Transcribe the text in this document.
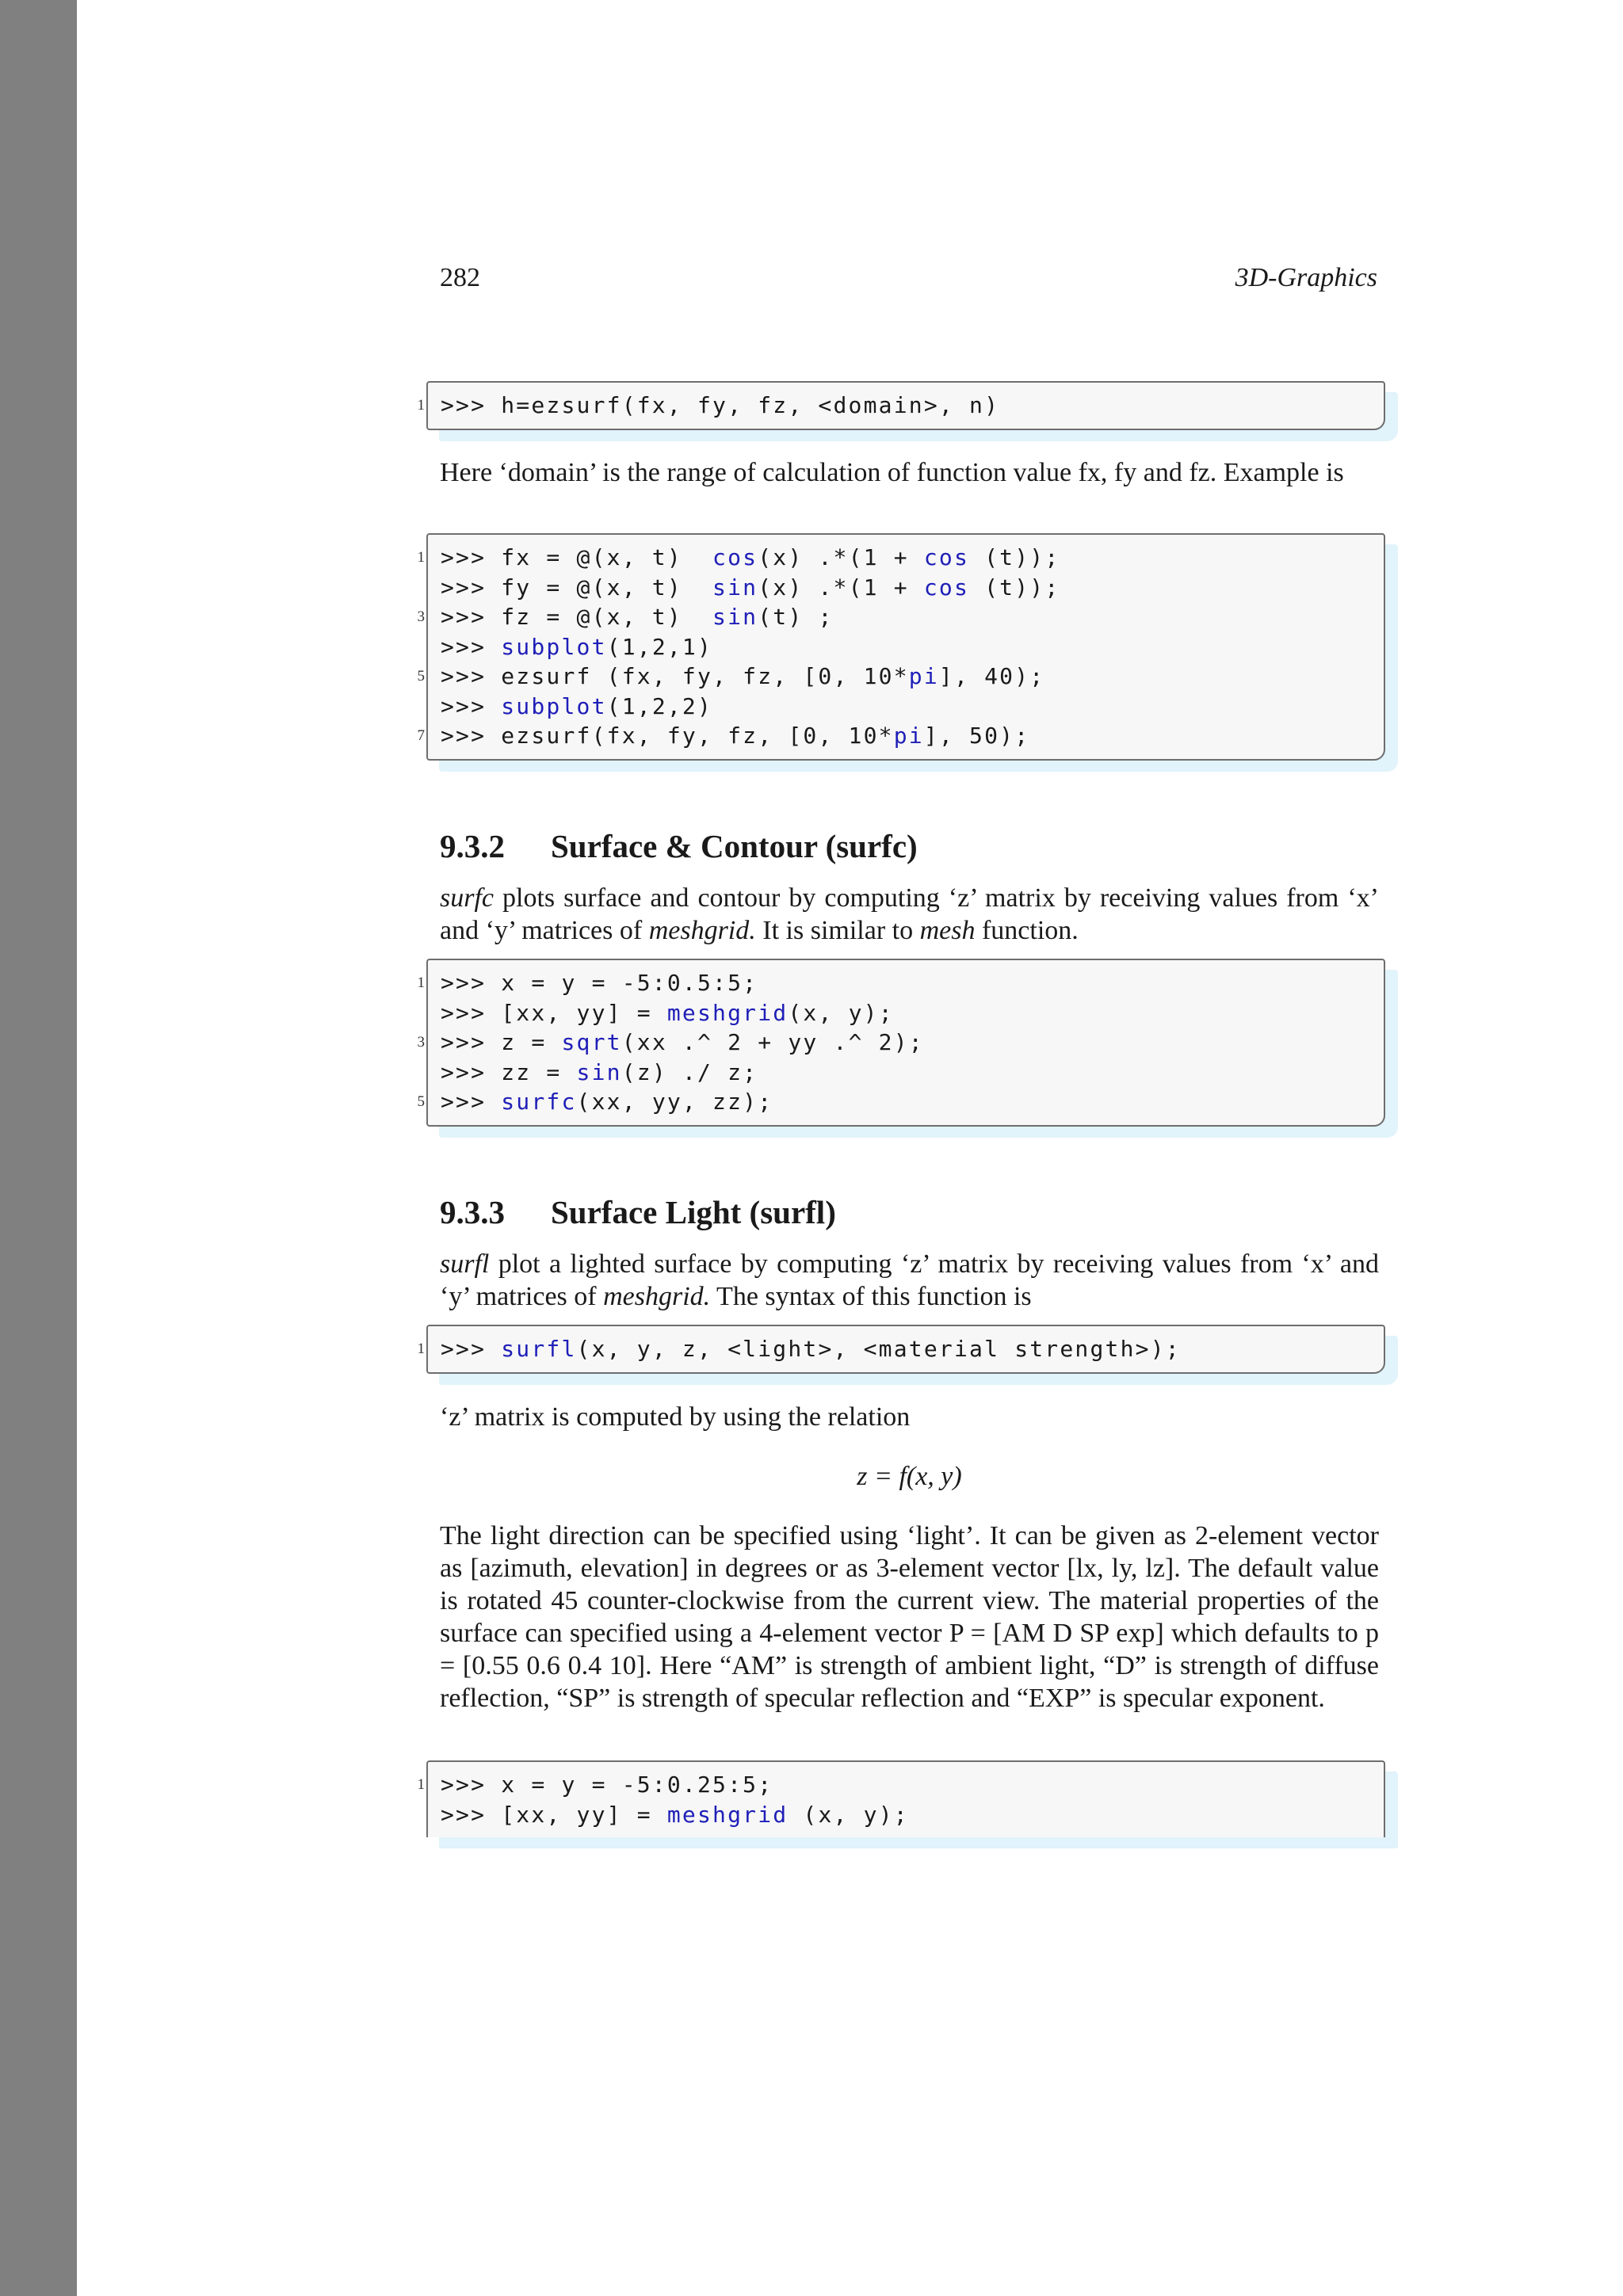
282	3D-Graphics
1 >>> h=ezsurf(fx, fy, fz, <domain>, n)
Here ‘domain’ is the range of calculation of function value fx, fy and fz. Example is
1 >>> fx = @(x, t)  cos(x) .*(1 + cos (t));
>>> fy = @(x, t)  sin(x) .*(1 + cos (t));
3 >>> fz = @(x, t)  sin(t) ;
>>> subplot(1,2,1)
5 >>> ezsurf (fx, fy, fz, [0, 10*pi], 40);
>>> subplot(1,2,2)
7 >>> ezsurf(fx, fy, fz, [0, 10*pi], 50);
9.3.2 Surface & Contour (surfc)
surfc plots surface and contour by computing ‘z’ matrix by receiving values from ‘x’ and ‘y’ matrices of meshgrid. It is similar to mesh function.
1 >>> x = y = -5:0.5:5;
>>> [xx, yy] = meshgrid(x, y);
3 >>> z = sqrt(xx .^ 2 + yy .^ 2);
>>> zz = sin(z) ./ z;
5 >>> surfc(xx, yy, zz);
9.3.3 Surface Light (surfl)
surfl plot a lighted surface by computing ‘z’ matrix by receiving values from ‘x’ and ‘y’ matrices of meshgrid. The syntax of this function is
1 >>> surfl(x, y, z, <light>, <material strength>);
‘z’ matrix is computed by using the relation
z = f(x, y)
The light direction can be specified using ‘light’. It can be given as 2-element vector as [azimuth, elevation] in degrees or as 3-element vector [lx, ly, lz]. The default value is rotated 45 counter-clockwise from the current view. The material properties of the surface can specified using a 4-element vector P = [AM D SP exp] which defaults to p = [0.55 0.6 0.4 10]. Here “AM” is strength of ambient light, “D” is strength of diffuse reflection, “SP” is strength of specular reflection and “EXP” is specular exponent.
1 >>> x = y = -5:0.25:5;
>>> [xx, yy] = meshgrid (x, y);
